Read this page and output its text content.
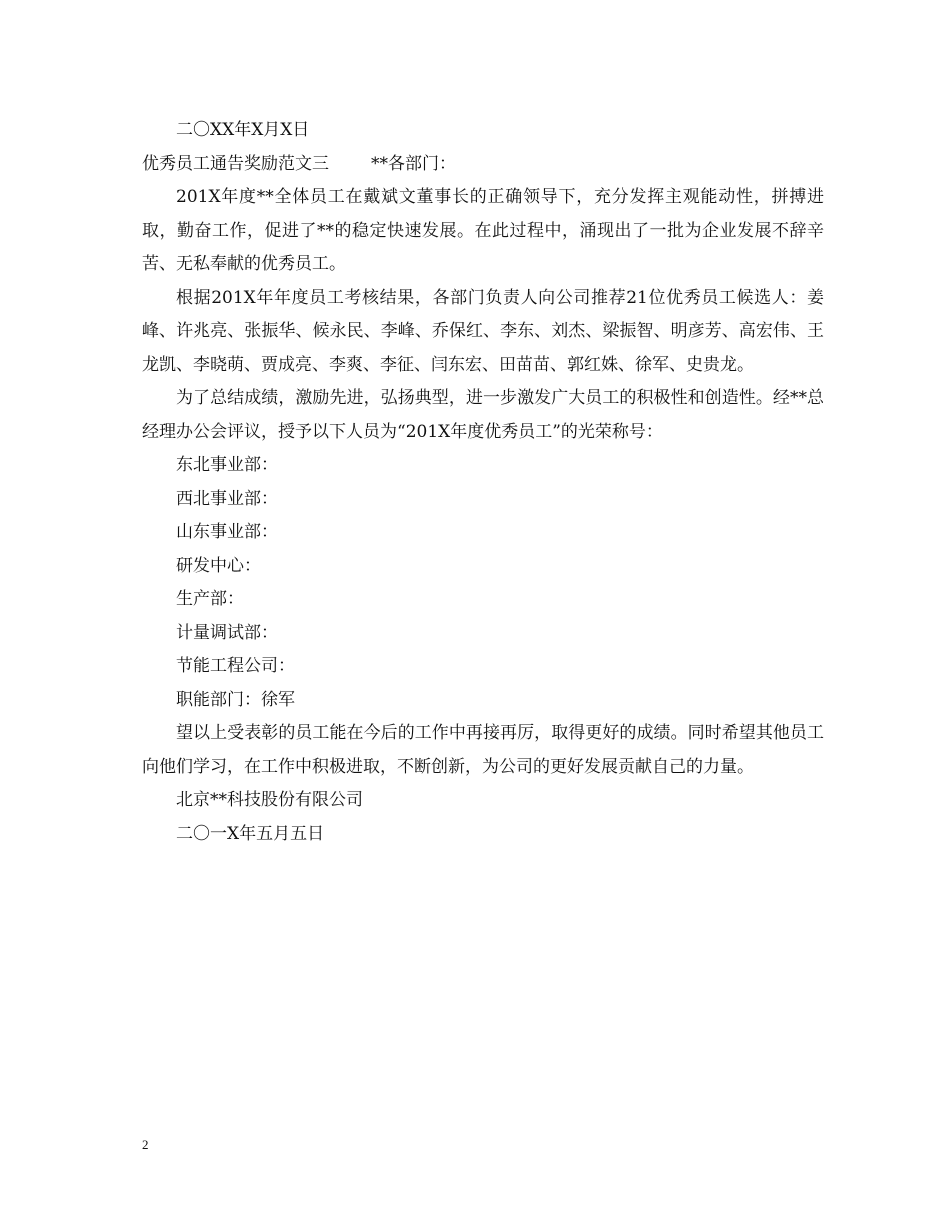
二〇XX年X月X日

优秀员工通告奖励范文三 **各部门：

201X年度**全体员工在戴斌文董事长的正确领导下，充分发挥主观能动性，拼搏进取，勤奋工作，促进了**的稳定快速发展。在此过程中，涌现出了一批为企业发展不辞辛苦、无私奉献的优秀员工。

根据201X年年度员工考核结果，各部门负责人向公司推荐21位优秀员工候选人：姜峰、许兆亮、张振华、候永民、李峰、乔保红、李东、刘杰、梁振智、明彦芳、高宏伟、王龙凯、李晓萌、贾成亮、李爽、李征、闫东宏、田苗苗、郭红姝、徐军、史贵龙。

为了总结成绩，激励先进，弘扬典型，进一步激发广大员工的积极性和创造性。经**总经理办公会评议，授予以下人员为“201X年度优秀员工”的光荣称号：

东北事业部：

西北事业部：

山东事业部：

研发中心：

生产部：

计量调试部：

节能工程公司：

职能部门：徐军

望以上受表彰的员工能在今后的工作中再接再厉，取得更好的成绩。同时希望其他员工向他们学习，在工作中积极进取，不断创新，为公司的更好发展贡献自己的力量。

北京**科技股份有限公司

二〇一X年五月五日

2
